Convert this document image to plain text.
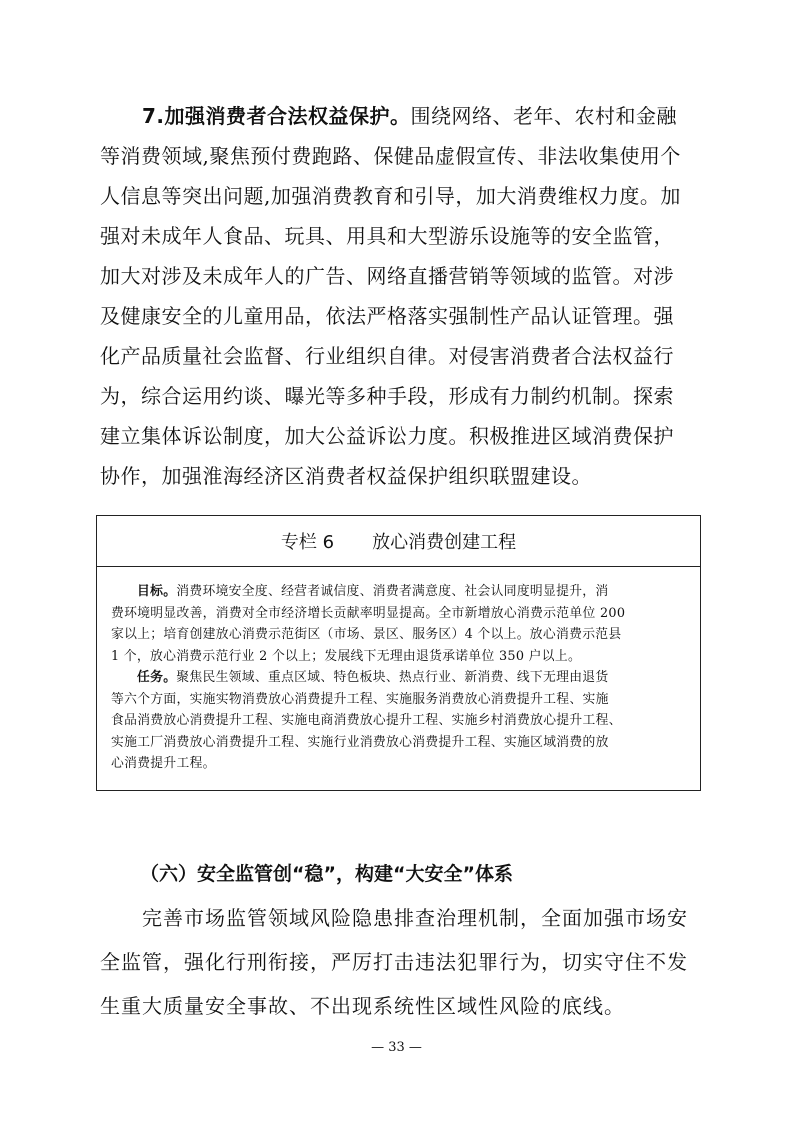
7.加强消费者合法权益保护。围绕网络、老年、农村和金融
等消费领域,聚焦预付费跑路、保健品虚假宣传、非法收集使用个
人信息等突出问题,加强消费教育和引导，加大消费维权力度。加
强对未成年人食品、玩具、用具和大型游乐设施等的安全监管，
加大对涉及未成年人的广告、网络直播营销等领域的监管。对涉
及健康安全的儿童用品，依法严格落实强制性产品认证管理。强
化产品质量社会监督、行业组织自律。对侵害消费者合法权益行
为，综合运用约谈、曝光等多种手段，形成有力制约机制。探索
建立集体诉讼制度，加大公益诉讼力度。积极推进区域消费保护
协作，加强淮海经济区消费者权益保护组织联盟建设。
专栏 6 放心消费创建工程
目标。消费环境安全度、经营者诚信度、消费者满意度、社会认同度明显提升，消
费环境明显改善，消费对全市经济增长贡献率明显提高。全市新增放心消费示范单位 200
家以上；培育创建放心消费示范街区（市场、景区、服务区）4 个以上。放心消费示范县
1 个，放心消费示范行业 2 个以上；发展线下无理由退货承诺单位 350 户以上。
任务。聚焦民生领域、重点区域、特色板块、热点行业、新消费、线下无理由退货
等六个方面，实施实物消费放心消费提升工程、实施服务消费放心消费提升工程、实施
食品消费放心消费提升工程、实施电商消费放心提升工程、实施乡村消费放心提升工程、
实施工厂消费放心消费提升工程、实施行业消费放心消费提升工程、实施区域消费的放
心消费提升工程。
（六）安全监管创“稳”，构建“大安全”体系
完善市场监管领域风险隐患排查治理机制，全面加强市场安
全监管，强化行刑衔接，严厉打击违法犯罪行为，切实守住不发
生重大质量安全事故、不出现系统性区域性风险的底线。
— 33 —
